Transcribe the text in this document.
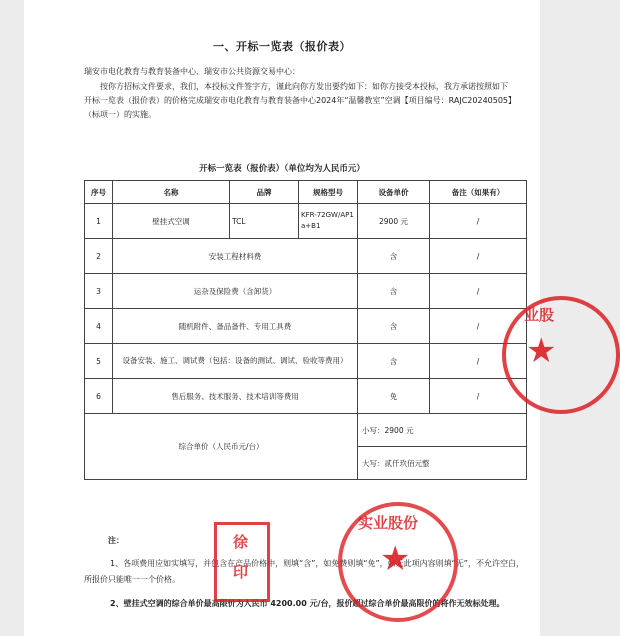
一、开标一览表（报价表）
瑞安市电化教育与教育装备中心、瑞安市公共资源交易中心：
按你方招标文件要求，我们，本投标文件签字方，谨此向你方发出要约如下：如你方接受本投标，我方承诺按照如下开标一览表（报价表）的价格完成瑞安市电化教育与教育装备中心2024年“温馨教室”空调【项目编号：RAJC20240505】（标项一）的实施。
开标一览表（报价表）（单位均为人民币元）
序号	名称	品牌	规格型号	设备单价	备注（如果有）
1	壁挂式空调	TCL	KFR-72GW/AP1a+B1	2900 元	/
2	安装工程材料费			含	/
3	运杂及保险费（含卸货）			含	/
4	随机附件、备品备件、专用工具费			含	/
5	设备安装、施工、调试费（包括：设备的测试、调试、验收等费用）			含	/
6	售后服务、技术服务、技术培训等费用			免	/
综合单价（人民币元/台）				小写：2900 元	
				大写：贰仟玖佰元整	
注：
1、各项费用应如实填写，并包含在产品价格中，则填“含”，如免费则填“免”，如无此项内容则填“无”，不允许空白，所报价只能唯一一个价格。
2、壁挂式空调的综合单价最高限价为人民币 4200.00 元/台，报价超过综合单价最高限价的将作无效标处理。
★
业股
★
实业股份
徐
印
